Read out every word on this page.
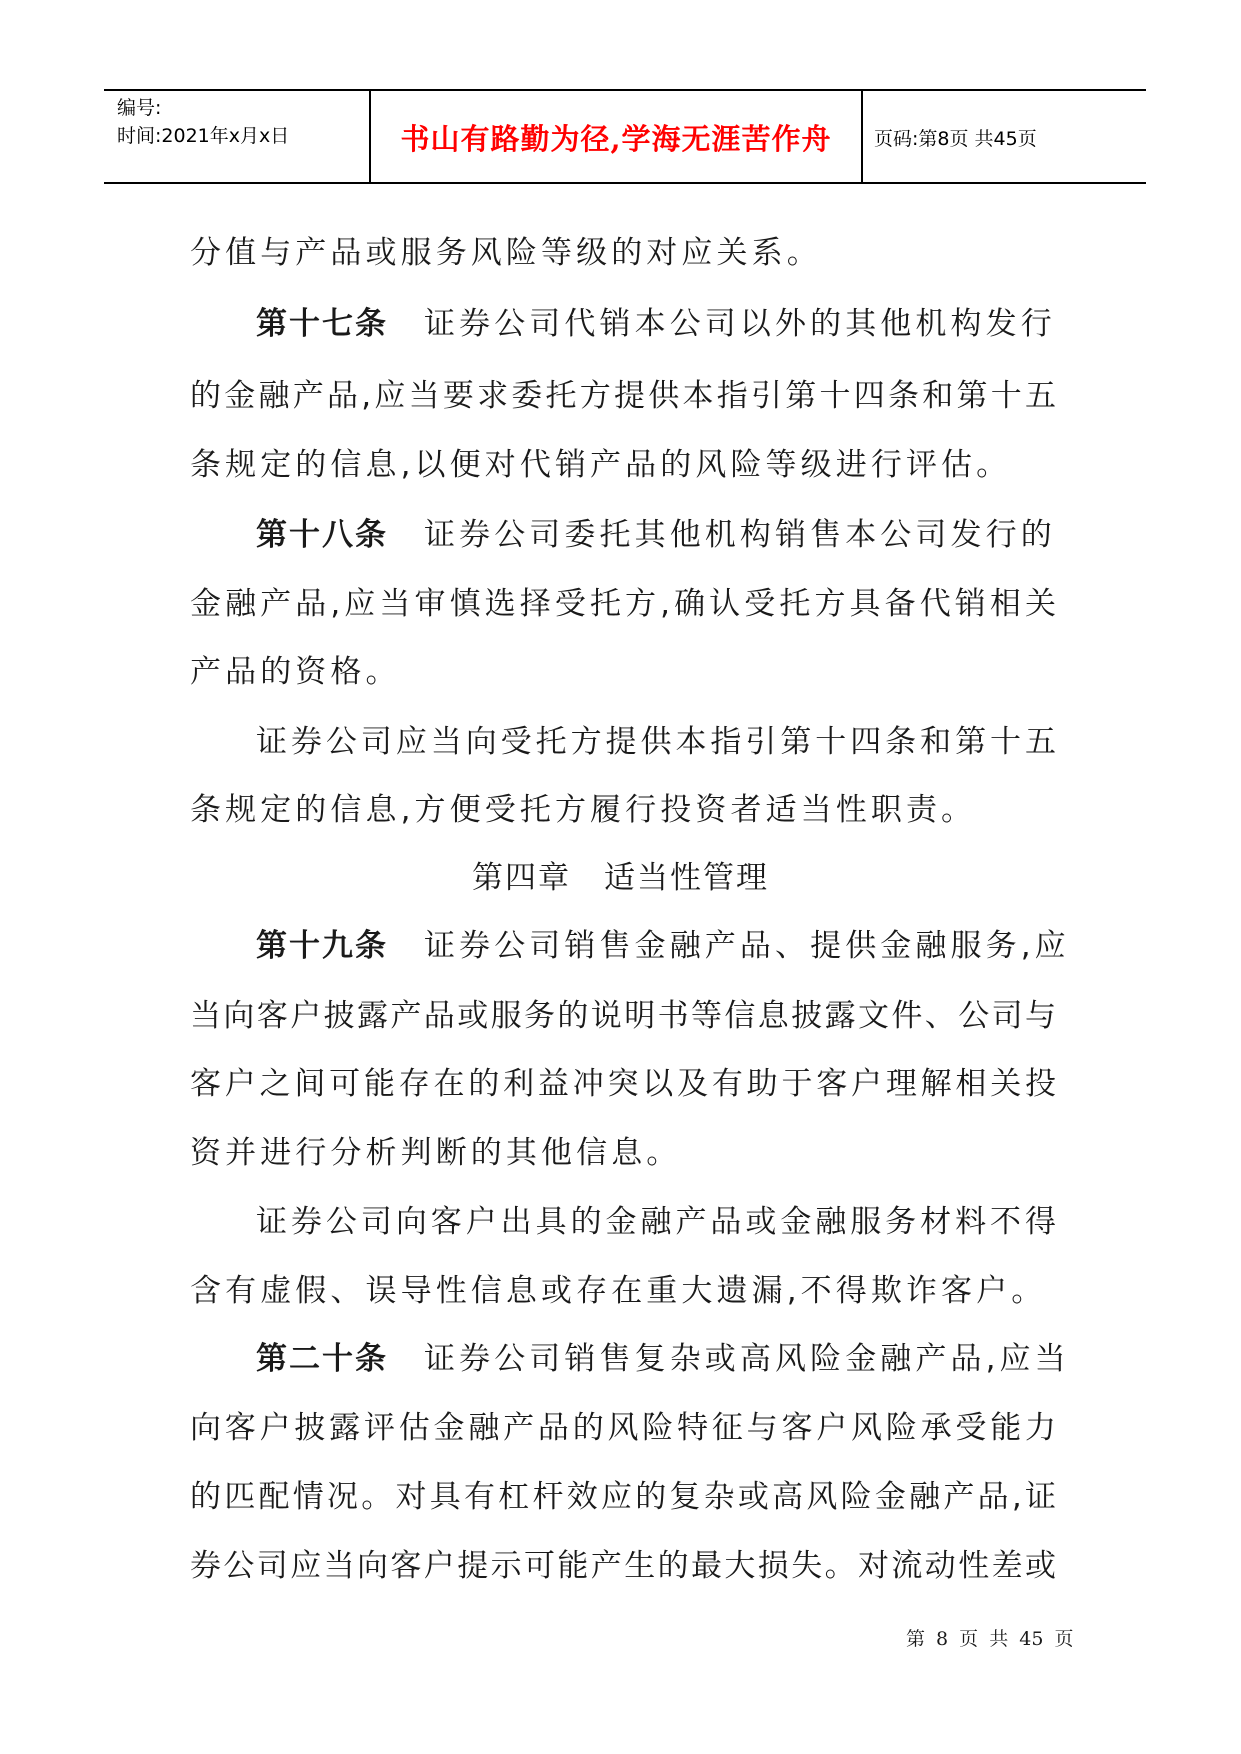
编号:
时间:2021年x月x日	书山有路勤为径,学海无涯苦作舟	页码:第8页 共45页
分值与产品或服务风险等级的对应关系。
第十七条 证券公司代销本公司以外的其他机构发行
的金融产品,应当要求委托方提供本指引第十四条和第十五
条规定的信息,以便对代销产品的风险等级进行评估。
第十八条 证券公司委托其他机构销售本公司发行的
金融产品,应当审慎选择受托方,确认受托方具备代销相关
产品的资格。
证券公司应当向受托方提供本指引第十四条和第十五
条规定的信息,方便受托方履行投资者适当性职责。
第四章　适当性管理
第十九条 证券公司销售金融产品、提供金融服务,应
当向客户披露产品或服务的说明书等信息披露文件、公司与
客户之间可能存在的利益冲突以及有助于客户理解相关投
资并进行分析判断的其他信息。
证券公司向客户出具的金融产品或金融服务材料不得
含有虚假、误导性信息或存在重大遗漏,不得欺诈客户。
第二十条 证券公司销售复杂或高风险金融产品,应当
向客户披露评估金融产品的风险特征与客户风险承受能力
的匹配情况。对具有杠杆效应的复杂或高风险金融产品,证
券公司应当向客户提示可能产生的最大损失。对流动性差或
第 8 页 共 45 页
